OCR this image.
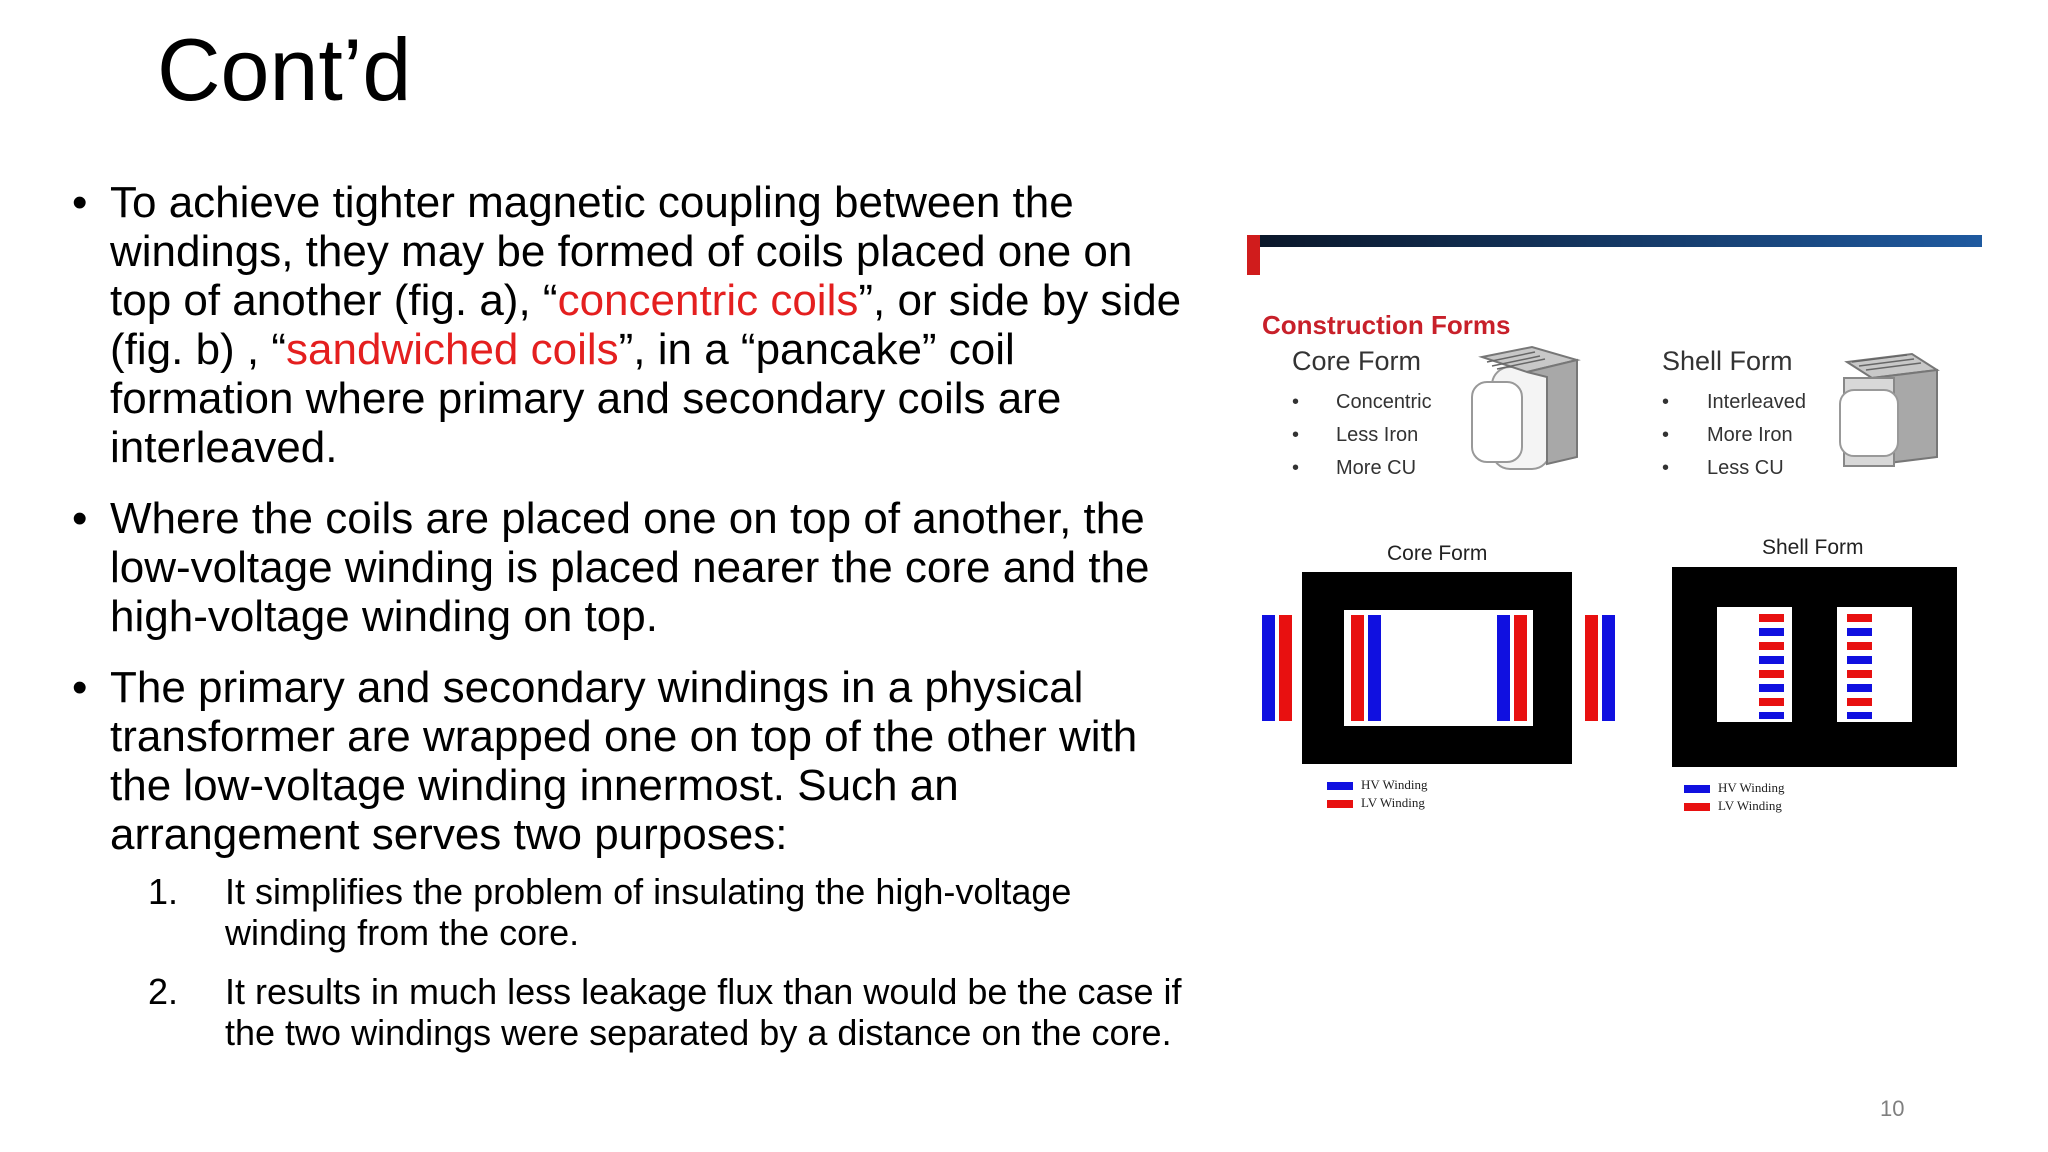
Cont’d
• To achieve tighter magnetic coupling between the windings, they may be formed of coils placed one on top of another (fig. a), “concentric coils”, or side by side (fig. b) , “sandwiched coils”, in a “pancake” coil formation where primary and secondary coils are interleaved.
• Where the coils are placed one on top of another, the low-voltage winding is placed nearer the core and the high-voltage winding on top.
• The primary and secondary windings in a physical transformer are wrapped one on top of the other with the low-voltage winding innermost. Such an arrangement serves two purposes:
1. It simplifies the problem of insulating the high-voltage winding from the core.
2. It results in much less leakage flux than would be the case if the two windings were separated by a distance on the core.
Construction Forms
Core Form
•
•
•
Concentric
Less Iron
More CU
Shell Form
•
•
•
Interleaved
More Iron
Less CU
Core Form
HV Winding
LV Winding
Shell Form
HV Winding
LV Winding
10
